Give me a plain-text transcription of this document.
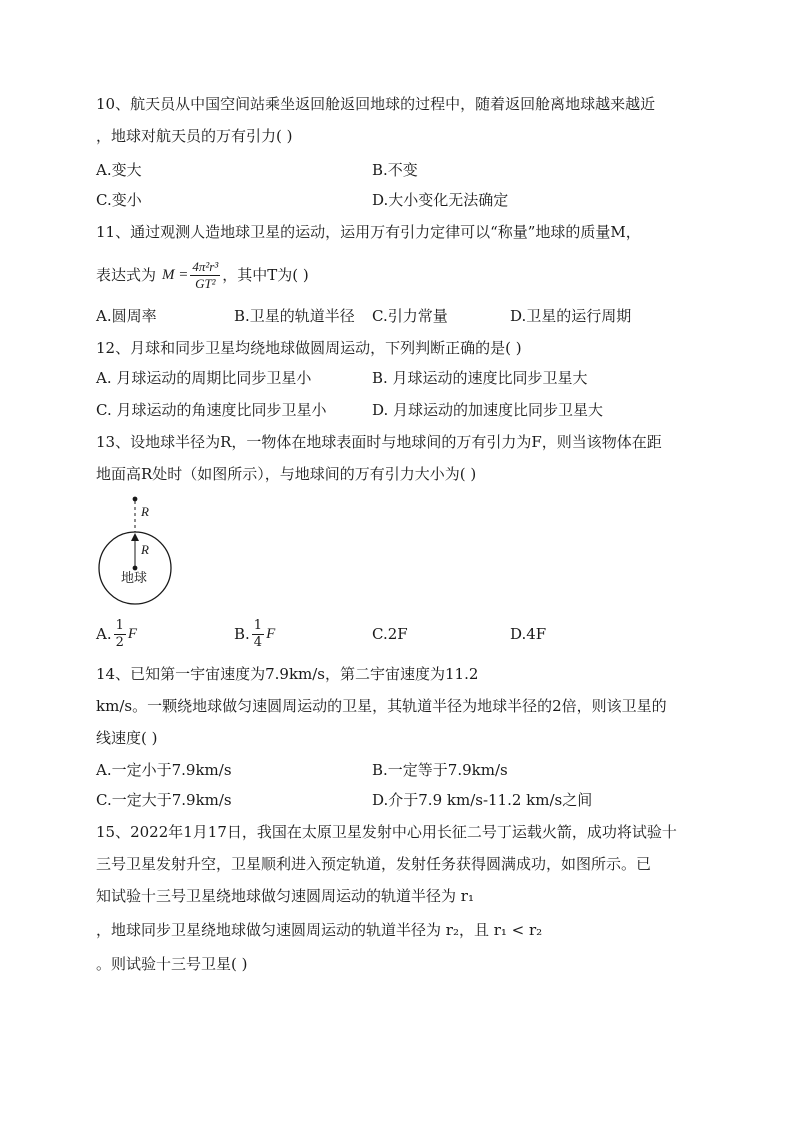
10、航天员从中国空间站乘坐返回舱返回地球的过程中，随着返回舱离地球越来越近
，地球对航天员的万有引力( )
A.变大	B.不变
C.变小	D.大小变化无法确定
11、通过观测人造地球卫星的运动，运用万有引力定律可以“称量”地球的质量M，
表达式为 $M = \frac{\text{4π²r³}}{\text{GT²}}$ ，其中T为( )
A.圆周率	B.卫星的轨道半径 C.引力常量	D.卫星的运行周期
12、月球和同步卫星均绕地球做圆周运动，下列判断正确的是( )
A. 月球运动的周期比同步卫星小	B. 月球运动的速度比同步卫星大
C. 月球运动的角速度比同步卫星小	D. 月球运动的加速度比同步卫星大
13、设地球半径为R，一物体在地球表面时与地球间的万有引力为F，则当该物体在距
地面高R处时（如图所示），与地球间的万有引力大小为( )
R
R
地球
A. $\frac{1}{2}$ F	B. $\frac{1}{4}$ F	C.2F	D.4F
14、已知第一宇宙速度为7.9km/s，第二宇宙速度为11.2
km/s。一颗绕地球做匀速圆周运动的卫星，其轨道半径为地球半径的2倍，则该卫星的
线速度( )
A.一定小于7.9km/s	B.一定等于7.9km/s
C.一定大于7.9km/s	D.介于7.9 km/s-11.2 km/s之间
15、2022年1月17日，我国在太原卫星发射中心用长征二号丁运载火箭，成功将试验十
三号卫星发射升空，卫星顺利进入预定轨道，发射任务获得圆满成功，如图所示。已
知试验十三号卫星绕地球做匀速圆周运动的轨道半径为 r₁
，地球同步卫星绕地球做匀速圆周运动的轨道半径为 r₂，且 r₁ < r₂
。则试验十三号卫星( )
